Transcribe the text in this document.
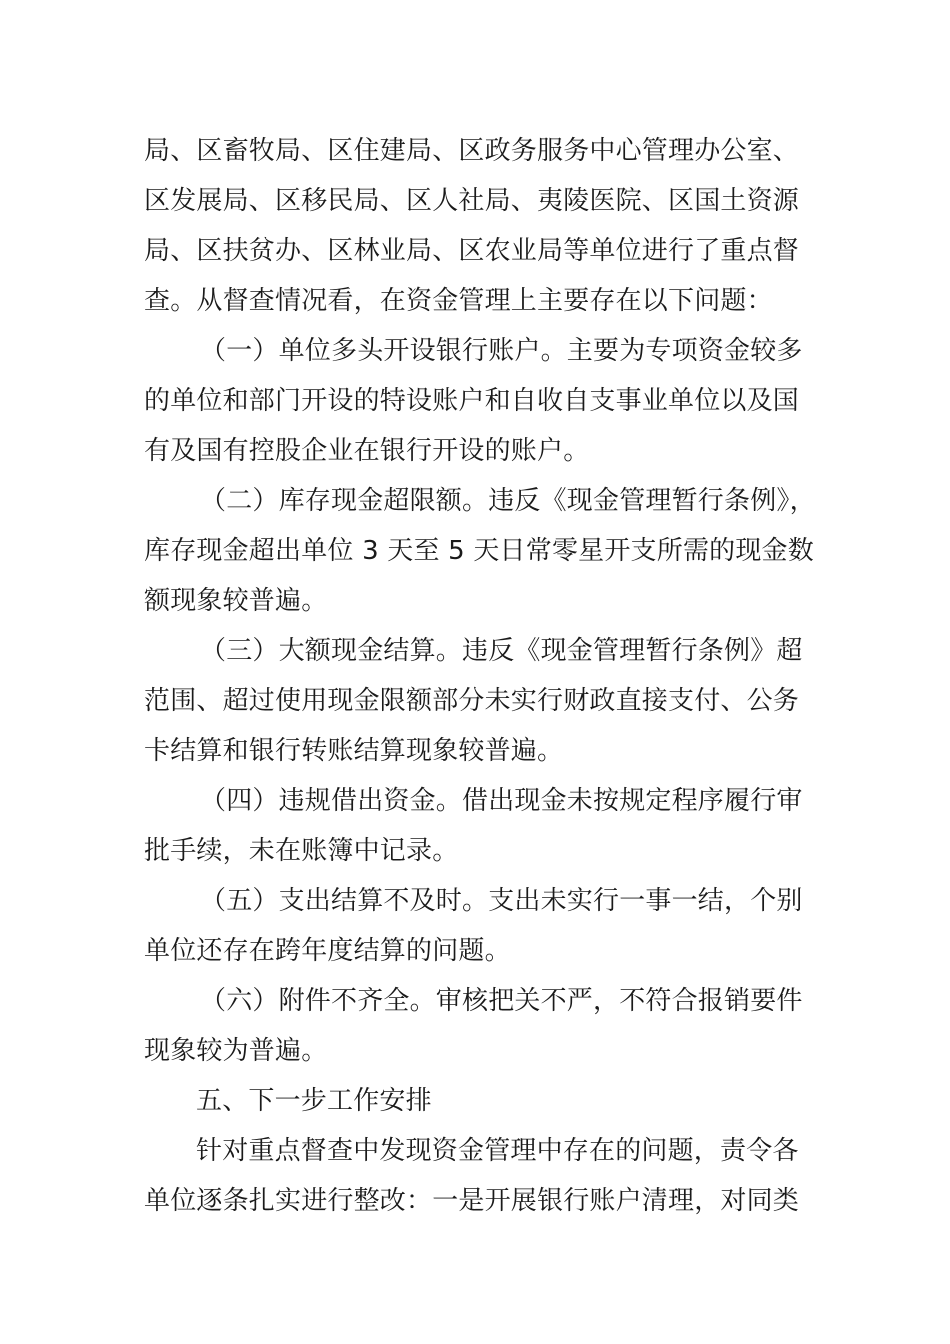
局、区畜牧局、区住建局、区政务服务中心管理办公室、
区发展局、区移民局、区人社局、夷陵医院、区国土资源
局、区扶贫办、区林业局、区农业局等单位进行了重点督
查。从督查情况看，在资金管理上主要存在以下问题：
（一）单位多头开设银行账户。主要为专项资金较多
的单位和部门开设的特设账户和自收自支事业单位以及国
有及国有控股企业在银行开设的账户。
（二）库存现金超限额。违反《现金管理暂行条例》，
库存现金超出单位 3 天至 5 天日常零星开支所需的现金数
额现象较普遍。
（三）大额现金结算。违反《现金管理暂行条例》超
范围、超过使用现金限额部分未实行财政直接支付、公务
卡结算和银行转账结算现象较普遍。
（四）违规借出资金。借出现金未按规定程序履行审
批手续，未在账簿中记录。
（五）支出结算不及时。支出未实行一事一结，个别
单位还存在跨年度结算的问题。
（六）附件不齐全。审核把关不严，不符合报销要件
现象较为普遍。
五、下一步工作安排
针对重点督查中发现资金管理中存在的问题，责令各
单位逐条扎实进行整改：一是开展银行账户清理，对同类
